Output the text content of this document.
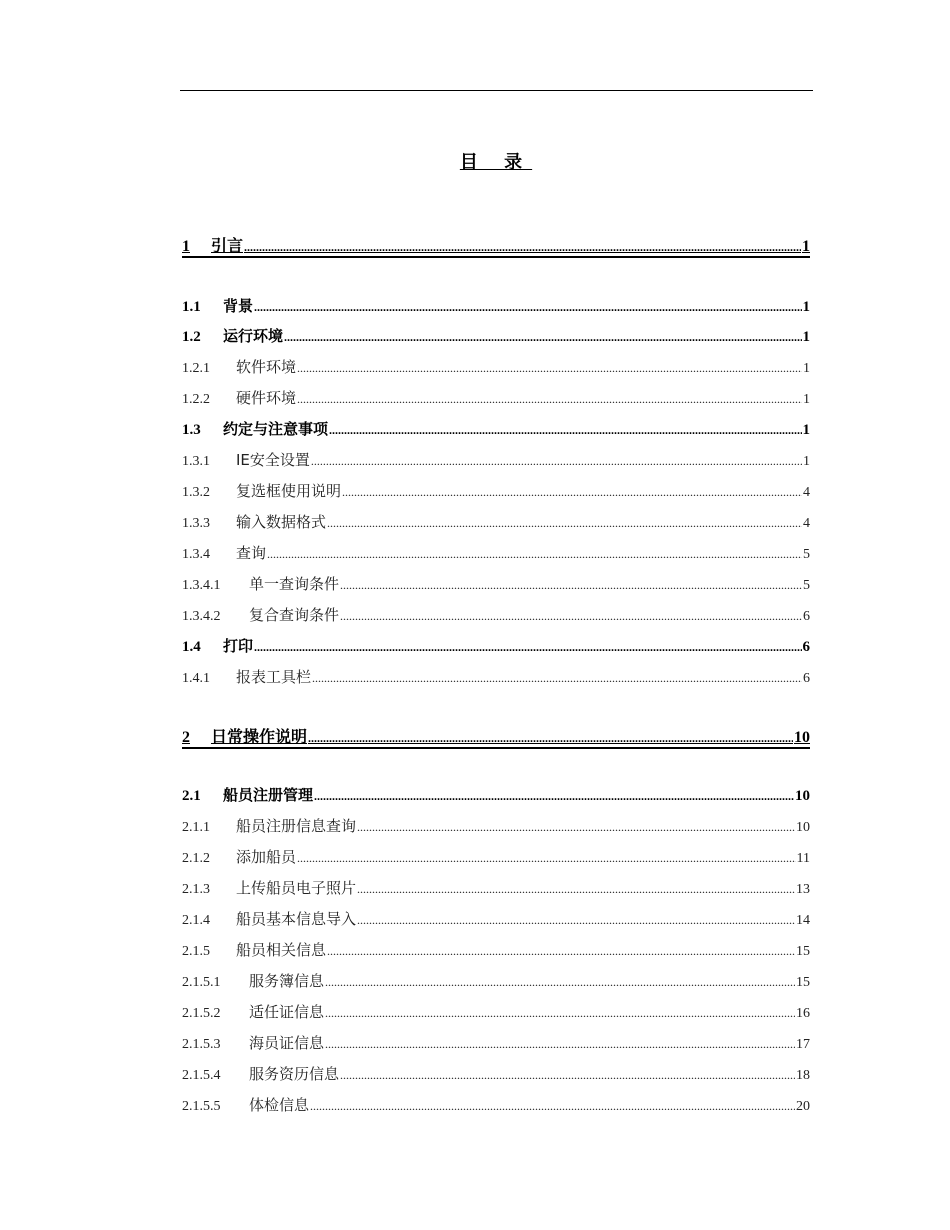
目 录
1	引言 .....	1
1.1	背景 .....	1
1.2	运行环境 .....	1
1.2.1	软件环境 .....	1
1.2.2	硬件环境 .....	1
1.3	约定与注意事项 .....	1
1.3.1	IE安全设置 .....	1
1.3.2	复选框使用说明 .....	4
1.3.3	输入数据格式 .....	4
1.3.4	查询 .....	5
1.3.4.1	单一查询条件 .....	5
1.3.4.2	复合查询条件 .....	6
1.4	打印 .....	6
1.4.1	报表工具栏 .....	6
2	日常操作说明 .....	10
2.1	船员注册管理 .....	10
2.1.1	船员注册信息查询 .....	10
2.1.2	添加船员 .....	11
2.1.3	上传船员电子照片 .....	13
2.1.4	船员基本信息导入 .....	14
2.1.5	船员相关信息 .....	15
2.1.5.1	服务簿信息 .....	15
2.1.5.2	适任证信息 .....	16
2.1.5.3	海员证信息 .....	17
2.1.5.4	服务资历信息 .....	18
2.1.5.5	体检信息 .....	20
